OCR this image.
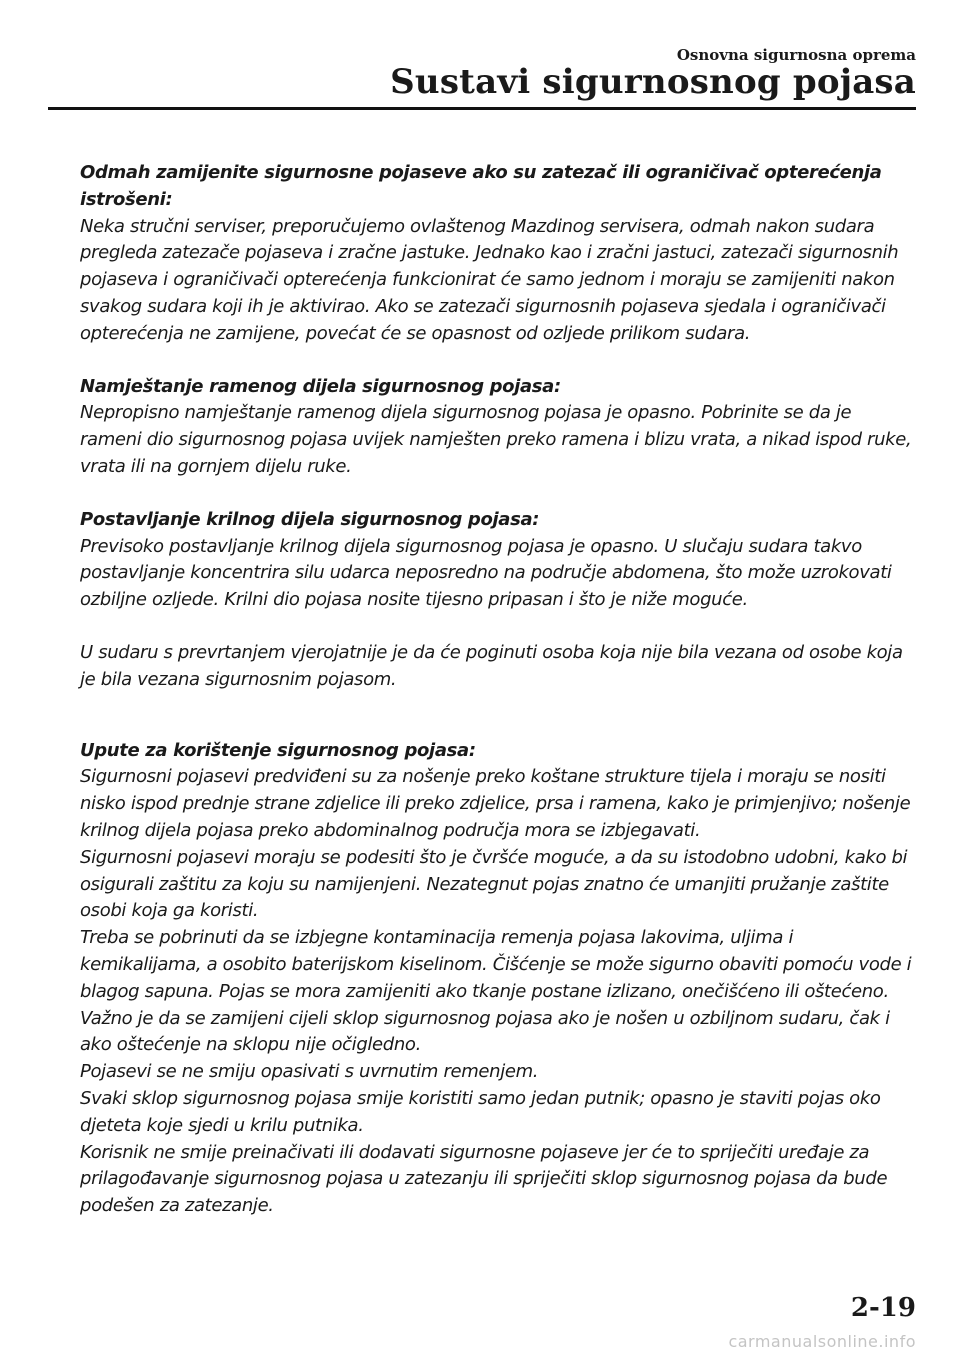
Osnovna sigurnosna oprema
Sustavi sigurnosnog pojasa

Odmah zamijenite sigurnosne pojaseve ako su zatezač ili ograničivač opterećenja istrošeni:

Neka stručni serviser, preporučujemo ovlaštenog Mazdinog servisera, odmah nakon sudara pregleda zatezače pojaseva i zračne jastuke. Jednako kao i zračni jastuci, zatezači sigurnosnih pojaseva i ograničivači opterećenja funkcionirat će samo jednom i moraju se zamijeniti nakon svakog sudara koji ih je aktivirao. Ako se zatezači sigurnosnih pojaseva sjedala i ograničivači opterećenja ne zamijene, povećat će se opasnost od ozljede prilikom sudara.

Namještanje ramenog dijela sigurnosnog pojasa:

Nepropisno namještanje ramenog dijela sigurnosnog pojasa je opasno. Pobrinite se da je rameni dio sigurnosnog pojasa uvijek namješten preko ramena i blizu vrata, a nikad ispod ruke, vrata ili na gornjem dijelu ruke.

Postavljanje krilnog dijela sigurnosnog pojasa:

Previsoko postavljanje krilnog dijela sigurnosnog pojasa je opasno. U slučaju sudara takvo postavljanje koncentrira silu udarca neposredno na područje abdomena, što može uzrokovati ozbiljne ozljede. Krilni dio pojasa nosite tijesno pripasan i što je niže moguće.

U sudaru s prevrtanjem vjerojatnije je da će poginuti osoba koja nije bila vezana od osobe koja je bila vezana sigurnosnim pojasom.

Upute za korištenje sigurnosnog pojasa:

Sigurnosni pojasevi predviđeni su za nošenje preko koštane strukture tijela i moraju se nositi nisko ispod prednje strane zdjelice ili preko zdjelice, prsa i ramena, kako je primjenjivo; nošenje krilnog dijela pojasa preko abdominalnog područja mora se izbjegavati.

Sigurnosni pojasevi moraju se podesiti što je čvršće moguće, a da su istodobno udobni, kako bi osigurali zaštitu za koju su namijenjeni. Nezategnut pojas znatno će umanjiti pružanje zaštite osobi koja ga koristi.

Treba se pobrinuti da se izbjegne kontaminacija remenja pojasa lakovima, uljima i kemikalijama, a osobito baterijskom kiselinom. Čišćenje se može sigurno obaviti pomoću vode i blagog sapuna. Pojas se mora zamijeniti ako tkanje postane izlizano, onečišćeno ili oštećeno.

Važno je da se zamijeni cijeli sklop sigurnosnog pojasa ako je nošen u ozbiljnom sudaru, čak i ako oštećenje na sklopu nije očigledno.

Pojasevi se ne smiju opasivati s uvrnutim remenjem.

Svaki sklop sigurnosnog pojasa smije koristiti samo jedan putnik; opasno je staviti pojas oko djeteta koje sjedi u krilu putnika.

Korisnik ne smije preinačivati ili dodavati sigurnosne pojaseve jer će to spriječiti uređaje za prilagođavanje sigurnosnog pojasa u zatezanju ili spriječiti sklop sigurnosnog pojasa da bude podešen za zatezanje.

2-19
carmanualsonline.info
